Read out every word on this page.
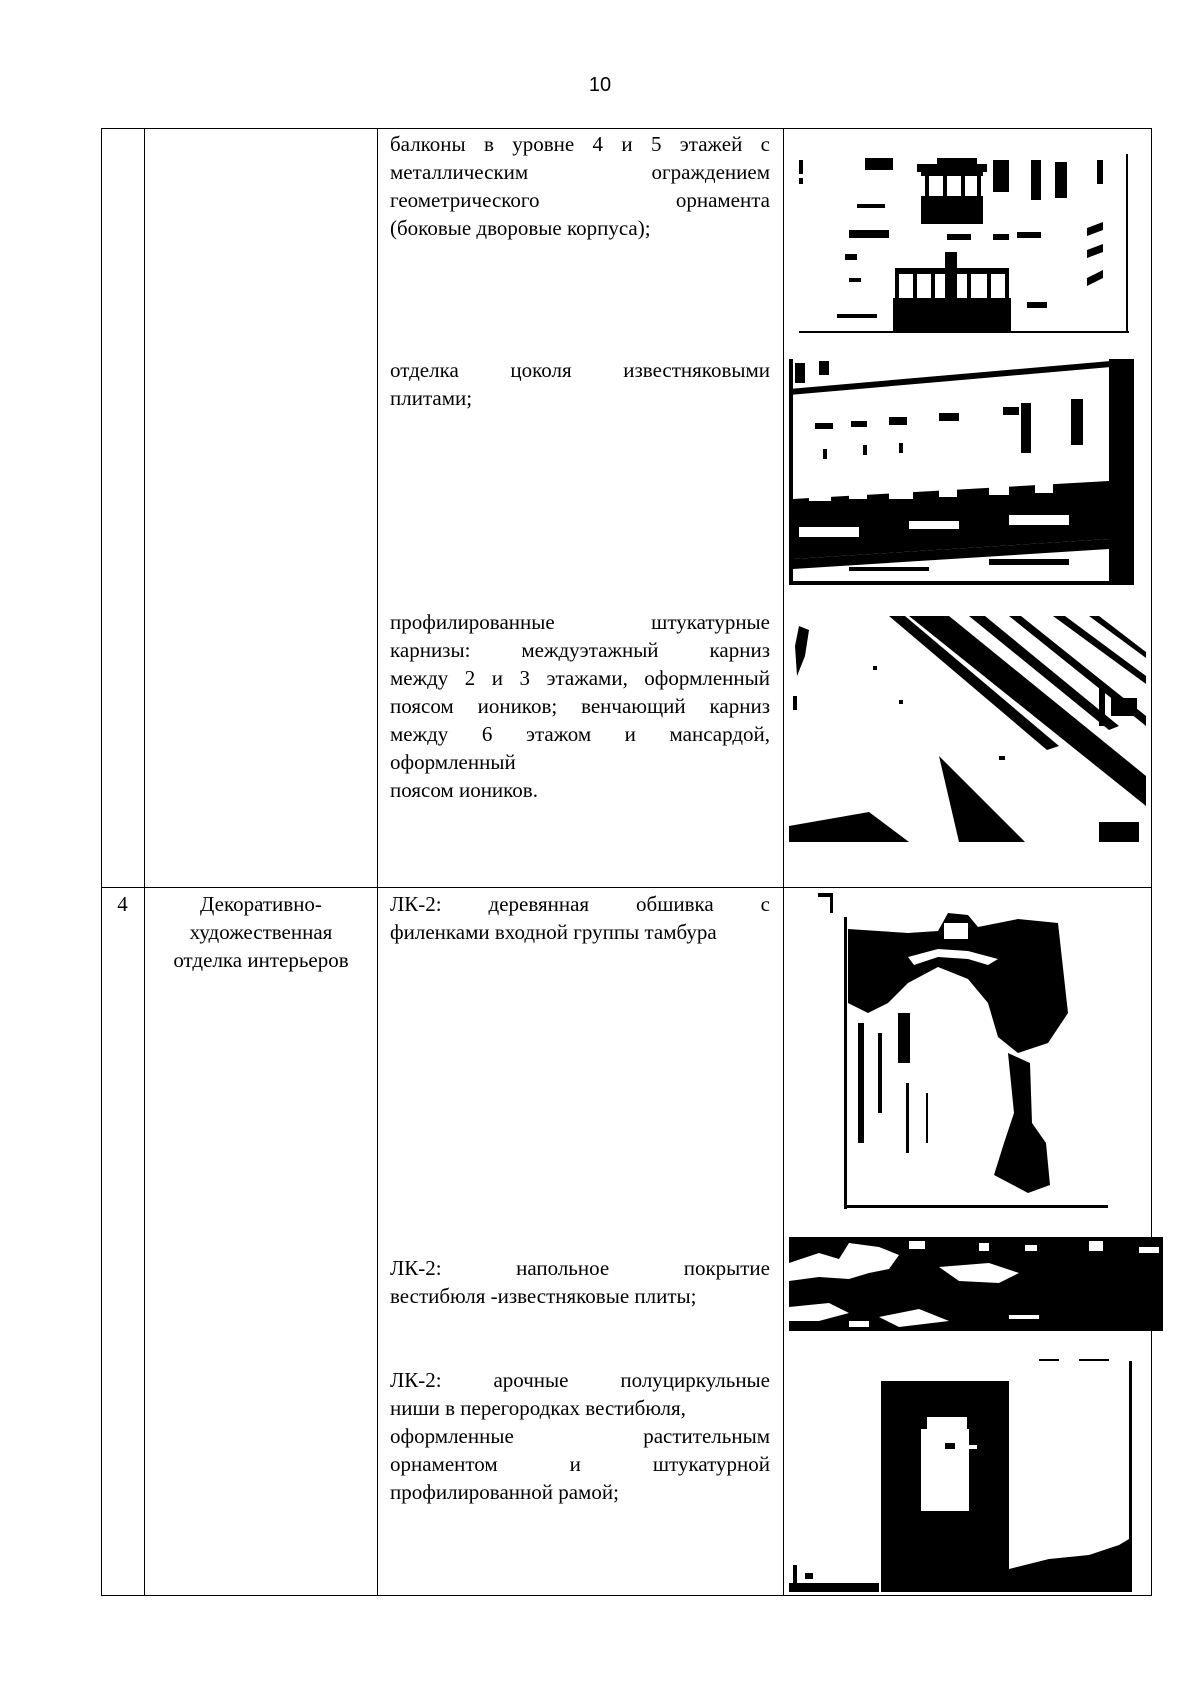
10
балконы в уровне 4 и 5 этажей с
металлическим ограждением
геометрического орнамента
(боковые дворовые корпуса);
отделка цоколя известняковыми
плитами;
профилированные штукатурные
карнизы: междуэтажный карниз
между 2 и 3 этажами, оформленный
поясом иоников; венчающий карниз
между 6 этажом и мансардой,
оформленный
поясом иоников.
4	Декоративно-
художественная
отделка интерьеров
ЛК-2: деревянная обшивка с
филенками входной группы тамбура
ЛК-2: напольное покрытие
вестибюля -известняковые плиты;
ЛК-2: арочные полуциркульные
ниши в перегородках вестибюля,
оформленные растительным
орнаментом и штукатурной
профилированной рамой;
